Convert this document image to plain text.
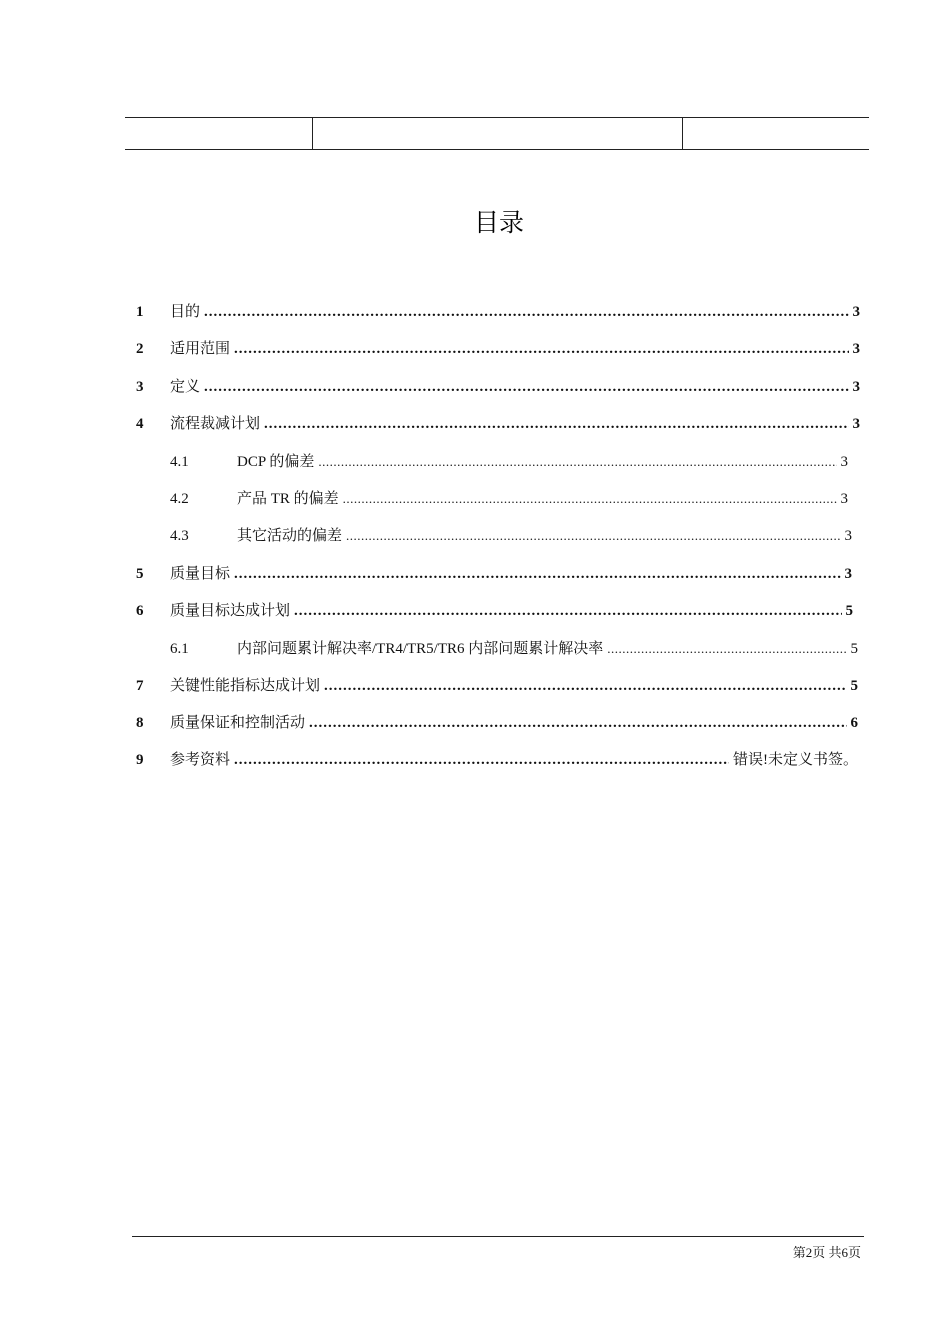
目录
1	目的 .....	3
2	适用范围 .....	3
3	定义 .....	3
4	流程裁减计划 .....	3
4.1	DCP 的偏差 .....	3
4.2	产品 TR 的偏差 .....	3
4.3	其它活动的偏差 .....	3
5	质量目标 .....	3
6	质量目标达成计划 .....	5
6.1	内部问题累计解决率/TR4/TR5/TR6 内部问题累计解决率 .....	5
7	关键性能指标达成计划 .....	5
8	质量保证和控制活动 .....	6
9	参考资料 .....	错误!未定义书签。
第2页 共6页
